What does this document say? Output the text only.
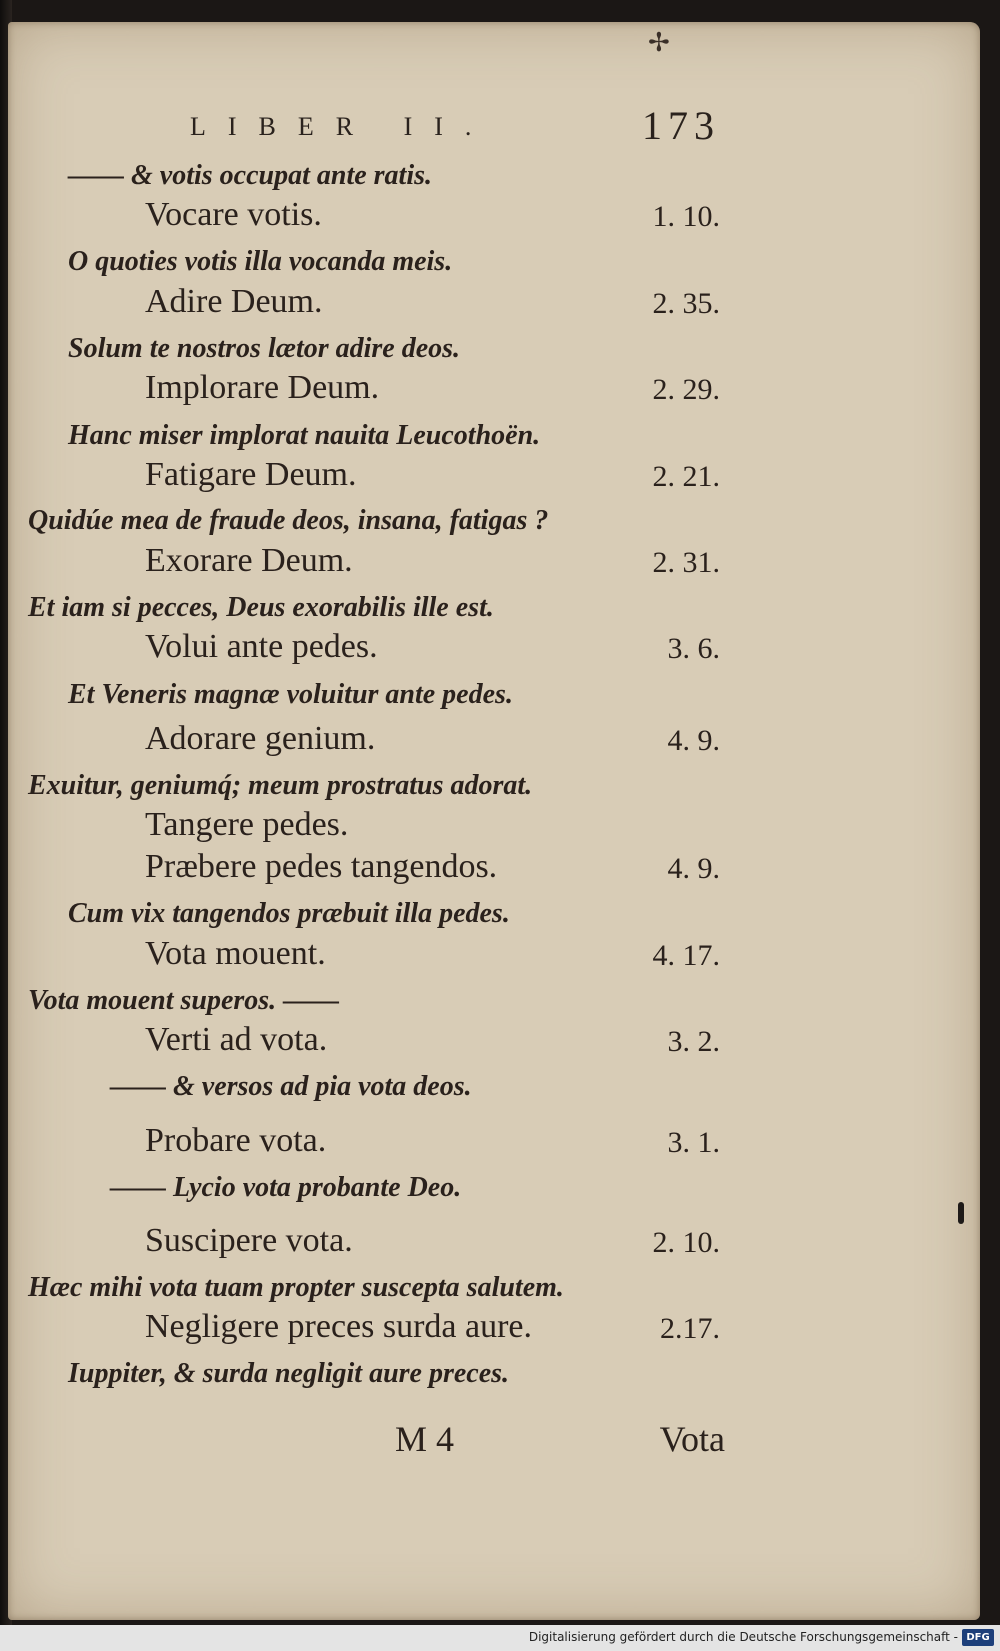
✢
LIBER II.	173
—— & votis occupat ante ratis.
Vocare votis.	1. 10.
O quoties votis illa vocanda meis.
Adire Deum.	2. 35.
Solum te nostros lætor adire deos.
Implorare Deum.	2. 29.
Hanc miser implorat nauita Leucothoën.
Fatigare Deum.	2. 21.
Quidúe mea de fraude deos, insana, fatigas ?
Exorare Deum.	2. 31.
Et iam si pecces, Deus exorabilis ille est.
Volui ante pedes.	3. 6.
Et Veneris magnæ voluitur ante pedes.
Adorare genium.	4. 9.
Exuitur, geniumq́; meum prostratus adorat.
Tangere pedes.
Præbere pedes tangendos.	4. 9.
Cum vix tangendos præbuit illa pedes.
Vota mouent.	4. 17.
Vota mouent superos. ——
Verti ad vota.	3. 2.
—— & versos ad pia vota deos.
Probare vota.	3. 1.
—— Lycio vota probante Deo.
Suscipere vota.	2. 10.
Hæc mihi vota tuam propter suscepta salutem.
Negligere preces surda aure.	2.17.
Iuppiter, & surda negligit aure preces.
M 4	Vota
Digitalisierung gefördert durch die Deutsche Forschungsgemeinschaft - DFG
